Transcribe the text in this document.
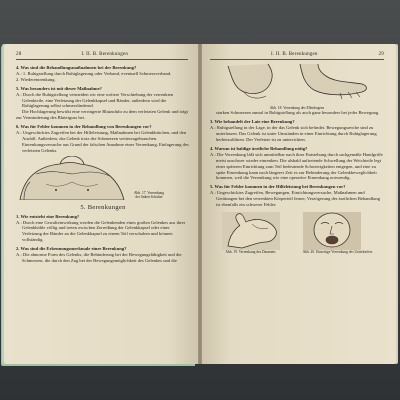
28	I. II. B. Berenkungen
4. Was sind die Behandlungsmaßnahmen bei der Berenkung?
A.: 1. Ruhigstellung durch Ruhiglagerung oder Verband, eventuell Schmerzverband.
2. Wiedereinrenkung.
5. Was besonders ist mit dieser Maßnahme?
A.: Durch die Ruhigstellung vermeiden wir eine weitere Verschiebung der verrenkten Gelenkteile, eine Verletzung der Gelenkkapsel und Bänder, außerdem wird die Ruhiglagerung selbst schmerzlindernd.
Die Hochlagerung bewirkt eine verringerte Blutzufuhr zu dem verletzten Gelenk und trägt zur Verminderung des Bluterguss bei.
6. Was für Fehler kommen in der Behandlung von Berenkungen vor?
A.: Ungeschicktes Zugreifen bei der Hilfeleistung, Maßnahmen bei Gelenkbrüchen, und den Ausfall. Außerdem, das Gelenk trotz der Schmerzen weiterzugebrauchen. Einrenkungsversuche aus Grund der falschen Annahme einer Verrenkung, Einlagerung des verletzten Gelenks.
Abb. 17. Verrenkung der linken Schulter
5. Berenkungen
1. Wie entsteht eine Berenkung?
A.: Durch eine Gewalteinwirkung werden die Gelenkenden eines großen Gelenkes aus ihrer Gelenkhöhle völlig und treten zwischen Zerreißung der Gelenkkapsel oder einer Verletzung der Bänder an die Gelenkkapsel zu einem Teil verschoben und können vollständig.
2. Was sind die Erkennungsmerkmale einer Berenkung?
A.: Die abnorme Form des Gelenks, die Behinderung bei der Bewegungsfähigkeit und die Schmerzen, die durch den Zug bei der Bewegungsmöglichkeit des Gelenkes und die
I. II. B. Berenkungen	29
Abb. 18. Verrenkung des Ellenbogens
starken Schmerzen zumal in Ruhigstellung als auch ganz besonders bei jeder Bewegung.
3. Wie behandelt der Laie eine Berenkung?
A.: Ruhigstellung in der Lage, in der das Gelenk sich befindet. Bewegungsreiche sind zu unterlassen. Das Gelenk ist unter Umständen in einer Einrichtung durch Ruhiglagerung herbeizuführen. Der Verletzte ist zu unterrichten.
4. Warum ist baldige ärztliche Behandlung nötig?
A.: Die Verrenkung läßt sich unmittelbar nach ihrer Entstehung durch sachgemäße Handgriffe meist unschwer wieder einrenken. Die alsbald auftretende Schwellung der Weichteile legt einer späteren Einrichtung zum Teil bedeutende Schwierigkeiten entgegen, und eine zu späte Einrenkung kann nach längerer Zeit es zur Behinderung der Gelenkbeweglichkeit kommen, weil die Verrenkung wie eine operative Einrenkung notwendig.
5. Was für Fehler kommen in der Hilfeleistung bei Berenkungen vor?
A.: Ungeschicktes Zugreifen, Bewegungen, Einrichtungsversuche, Maßnahmen und Gerätungen bei den verrenkten Körperteil ferner, Verzögerung der ärztlichen Behandlung ist ebenfalls ein schwerer Fehler.
Abb. 19. Verrenkung des Daumens	Abb. 20. Einseitige Verrenkung des Unterkiefers
